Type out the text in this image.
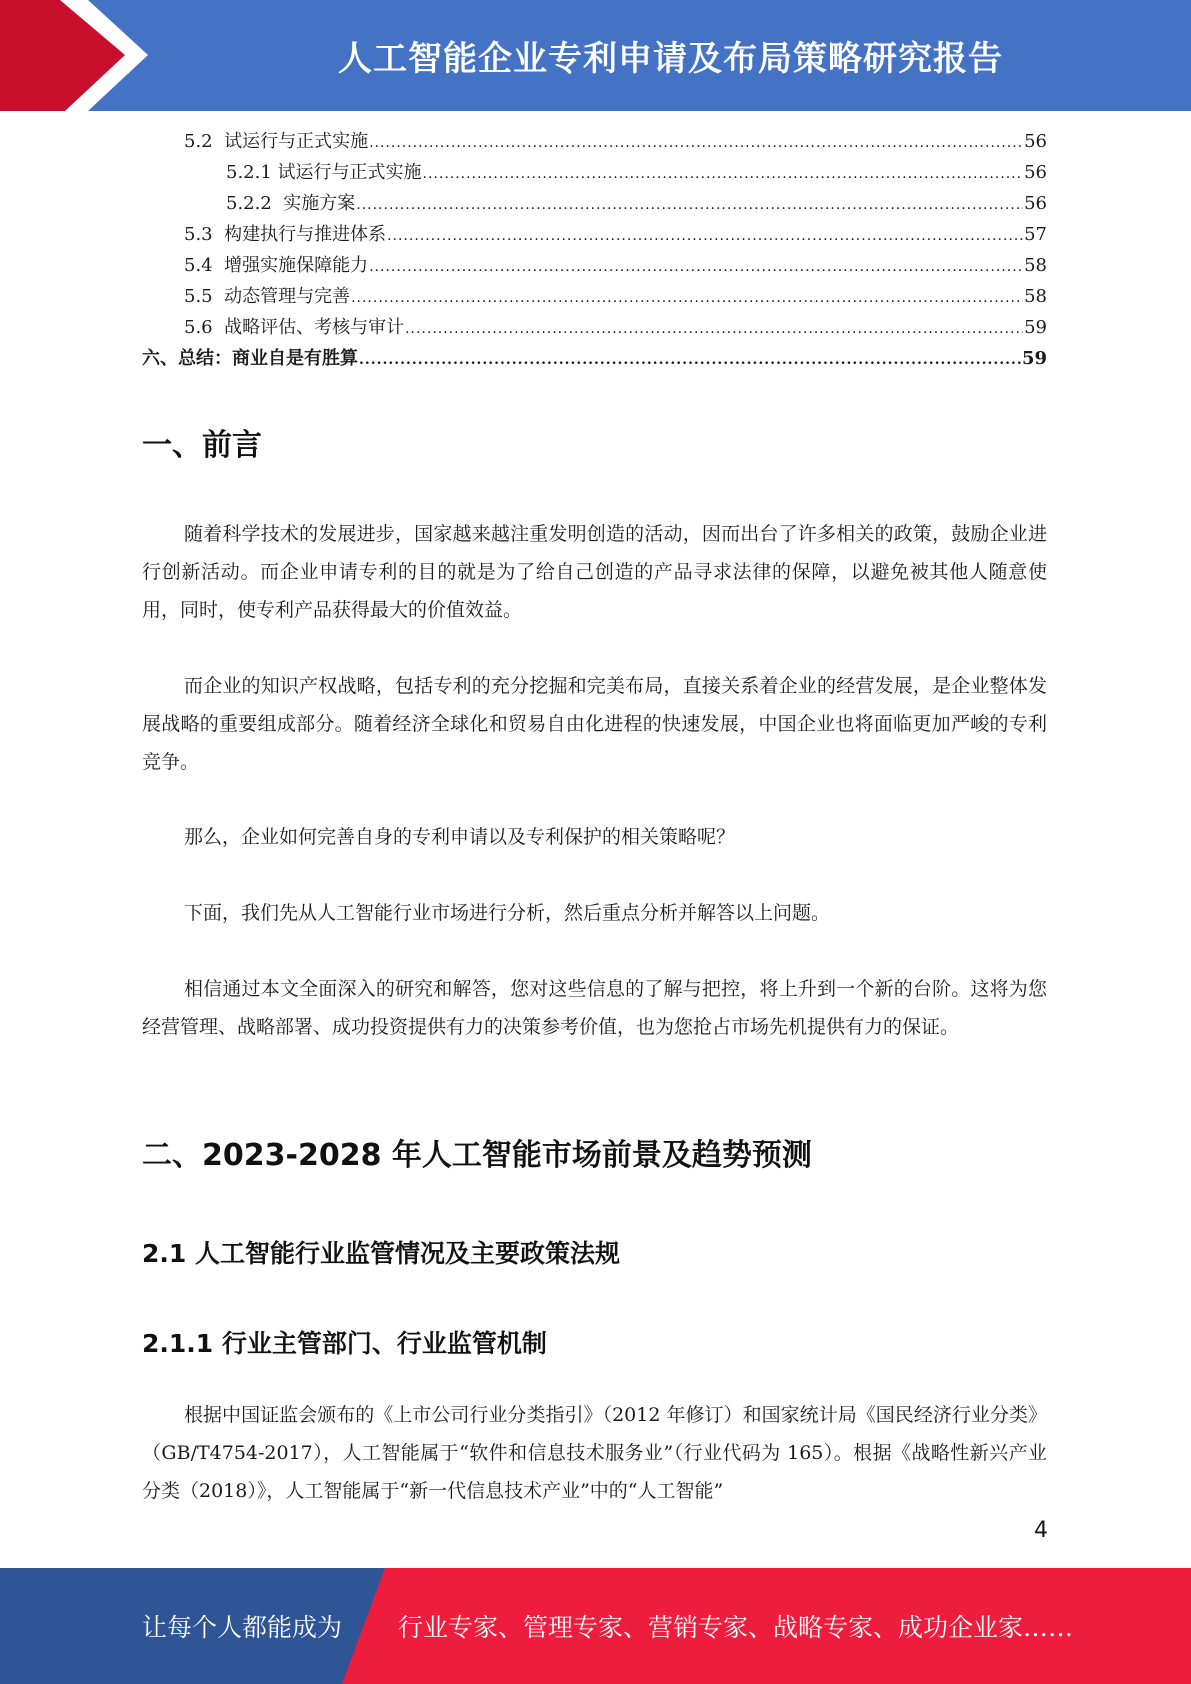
人工智能企业专利申请及布局策略研究报告
5.2  试运行与正式实施 .....	56
5.2.1 试运行与正式实施 .....	56
5.2.2  实施方案 .....	56
5.3  构建执行与推进体系 .....	57
5.4  增强实施保障能力 .....	58
5.5  动态管理与完善 .....	58
5.6  战略评估、考核与审计 .....	59
六、总结：商业自是有胜算 .....	59
一、前言

随着科学技术的发展进步，国家越来越注重发明创造的活动，因而出台了许多相关的政策，鼓励企业进行创新活动。而企业申请专利的目的就是为了给自己创造的产品寻求法律的保障，以避免被其他人随意使用，同时，使专利产品获得最大的价值效益。

而企业的知识产权战略，包括专利的充分挖掘和完美布局，直接关系着企业的经营发展，是企业整体发展战略的重要组成部分。随着经济全球化和贸易自由化进程的快速发展，中国企业也将面临更加严峻的专利竞争。

那么，企业如何完善自身的专利申请以及专利保护的相关策略呢？

下面，我们先从人工智能行业市场进行分析，然后重点分析并解答以上问题。

相信通过本文全面深入的研究和解答，您对这些信息的了解与把控，将上升到一个新的台阶。这将为您经营管理、战略部署、成功投资提供有力的决策参考价值，也为您抢占市场先机提供有力的保证。

二、2023-2028 年人工智能市场前景及趋势预测
2.1 人工智能行业监管情况及主要政策法规
2.1.1 行业主管部门、行业监管机制

根据中国证监会颁布的《上市公司行业分类指引》（2012 年修订）和国家统计局《国民经济行业分类》（GB/T4754-2017），人工智能属于“软件和信息技术服务业”（行业代码为 165）。根据《战略性新兴产业分类（2018）》，人工智能属于“新一代信息技术产业”中的“人工智能”

4
让每个人都能成为 行业专家、管理专家、营销专家、战略专家、成功企业家……
